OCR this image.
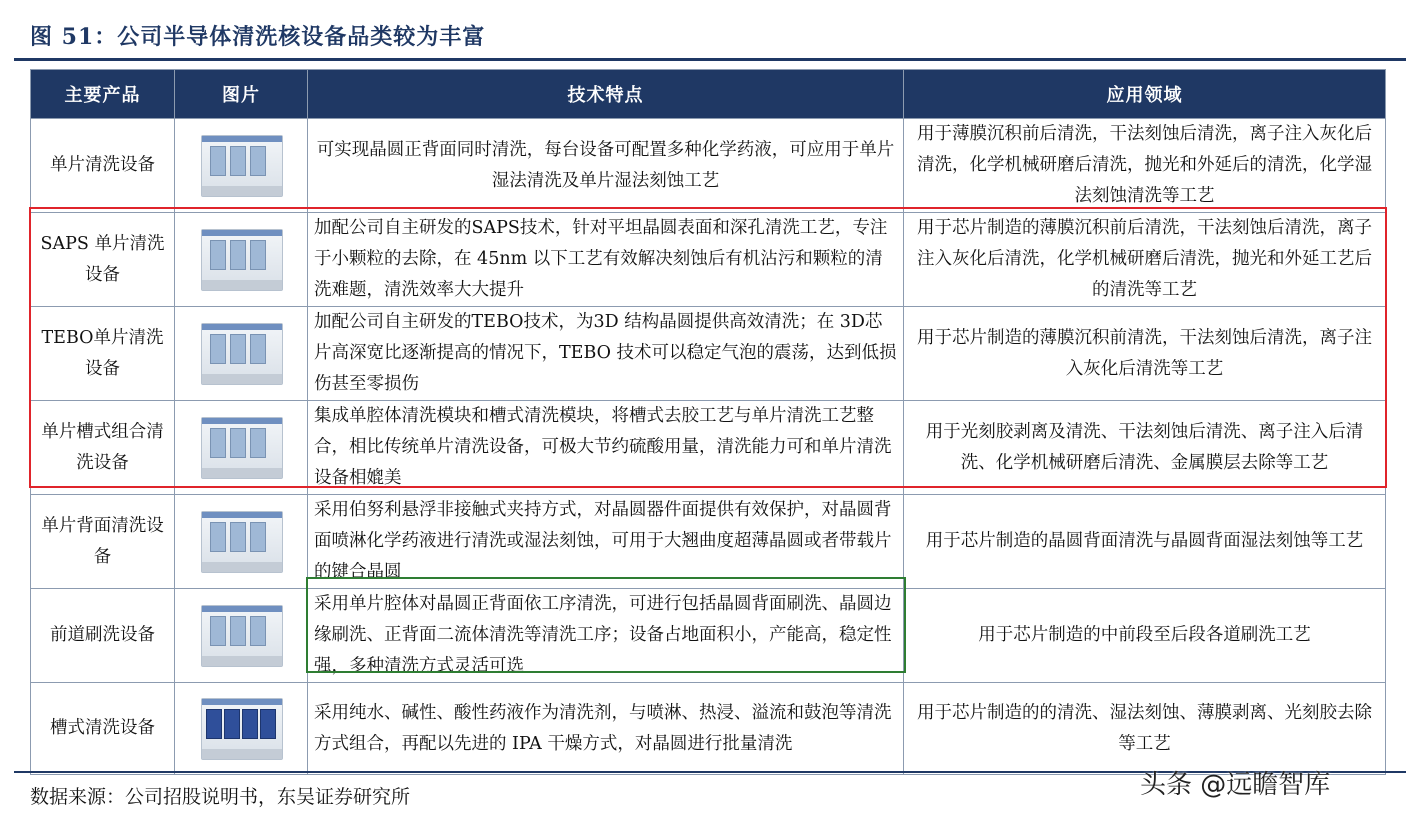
图 51：公司半导体清洗核设备品类较为丰富
主要产品	图片	技术特点	应用领域
单片清洗设备		可实现晶圆正背面同时清洗，每台设备可配置多种化学药液，可应用于单片湿法清洗及单片湿法刻蚀工艺	用于薄膜沉积前后清洗，干法刻蚀后清洗，离子注入灰化后清洗，化学机械研磨后清洗，抛光和外延后的清洗，化学湿法刻蚀清洗等工艺
SAPS 单片清洗设备		加配公司自主研发的SAPS技术，针对平坦晶圆表面和深孔清洗工艺，专注于小颗粒的去除，在 45nm 以下工艺有效解决刻蚀后有机沾污和颗粒的清洗难题，清洗效率大大提升	用于芯片制造的薄膜沉积前后清洗，干法刻蚀后清洗，离子注入灰化后清洗，化学机械研磨后清洗，抛光和外延工艺后的清洗等工艺
TEBO单片清洗设备		加配公司自主研发的TEBO技术，为3D 结构晶圆提供高效清洗；在 3D芯片高深宽比逐渐提高的情况下，TEBO 技术可以稳定气泡的震荡，达到低损伤甚至零损伤	用于芯片制造的薄膜沉积前清洗，干法刻蚀后清洗，离子注入灰化后清洗等工艺
单片槽式组合清洗设备		集成单腔体清洗模块和槽式清洗模块，将槽式去胶工艺与单片清洗工艺整合，相比传统单片清洗设备，可极大节约硫酸用量，清洗能力可和单片清洗设备相媲美	用于光刻胶剥离及清洗、干法刻蚀后清洗、离子注入后清洗、化学机械研磨后清洗、金属膜层去除等工艺
单片背面清洗设备		采用伯努利悬浮非接触式夹持方式，对晶圆器件面提供有效保护，对晶圆背面喷淋化学药液进行清洗或湿法刻蚀，可用于大翘曲度超薄晶圆或者带载片的键合晶圆	用于芯片制造的晶圆背面清洗与晶圆背面湿法刻蚀等工艺
前道刷洗设备		采用单片腔体对晶圆正背面依工序清洗，可进行包括晶圆背面刷洗、晶圆边缘刷洗、正背面二流体清洗等清洗工序；设备占地面积小，产能高，稳定性强，多种清洗方式灵活可选	用于芯片制造的中前段至后段各道刷洗工艺
槽式清洗设备		采用纯水、碱性、酸性药液作为清洗剂，与喷淋、热浸、溢流和鼓泡等清洗方式组合，再配以先进的 IPA 干燥方式，对晶圆进行批量清洗	用于芯片制造的的清洗、湿法刻蚀、薄膜剥离、光刻胶去除等工艺
数据来源：公司招股说明书，东吴证券研究所	头条 @远瞻智库
